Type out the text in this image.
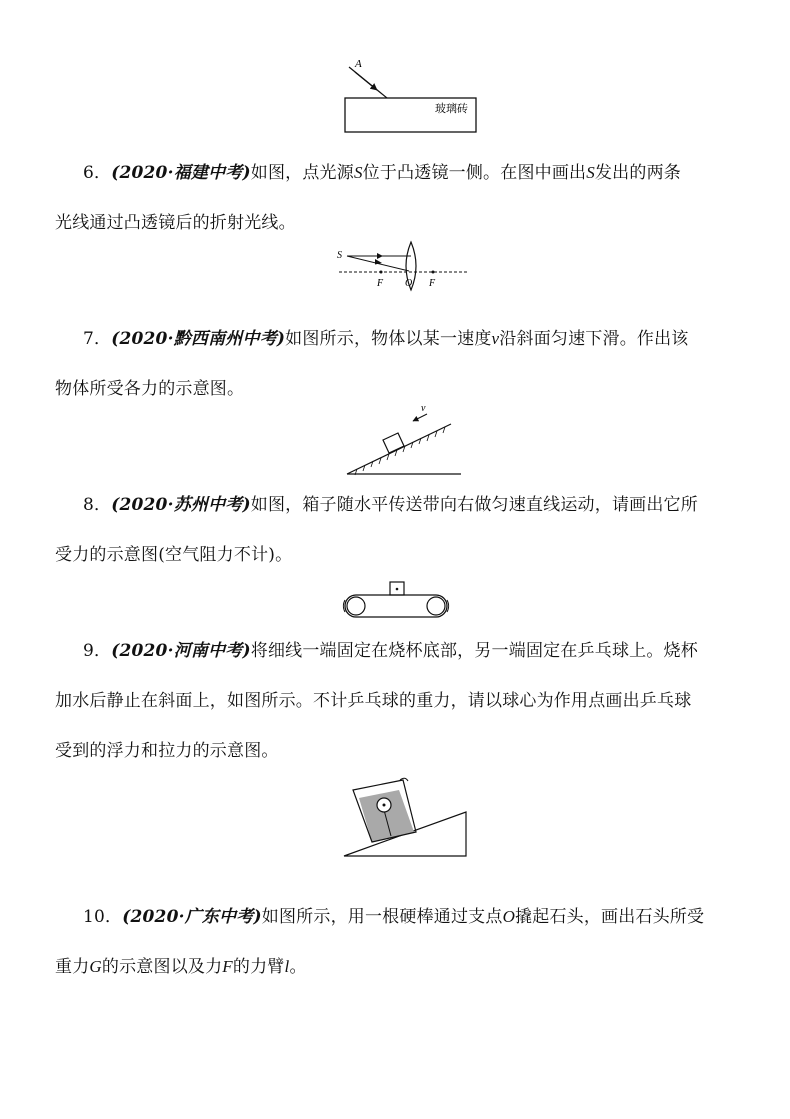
A
玻璃砖
6．(2020·福建中考)如图，点光源S位于凸透镜一侧。在图中画出S发出的两条
光线通过凸透镜后的折射光线。
S
F O F
7．(2020·黔西南州中考)如图所示，物体以某一速度v沿斜面匀速下滑。作出该
物体所受各力的示意图。
v
8．(2020·苏州中考)如图，箱子随水平传送带向右做匀速直线运动，请画出它所
受力的示意图(空气阻力不计)。
9．(2020·河南中考)将细线一端固定在烧杯底部，另一端固定在乒乓球上。烧杯
加水后静止在斜面上，如图所示。不计乒乓球的重力，请以球心为作用点画出乒乓球
受到的浮力和拉力的示意图。
10．(2020·广东中考)如图所示，用一根硬棒通过支点O撬起石头，画出石头所受
重力G的示意图以及力F的力臂l。
